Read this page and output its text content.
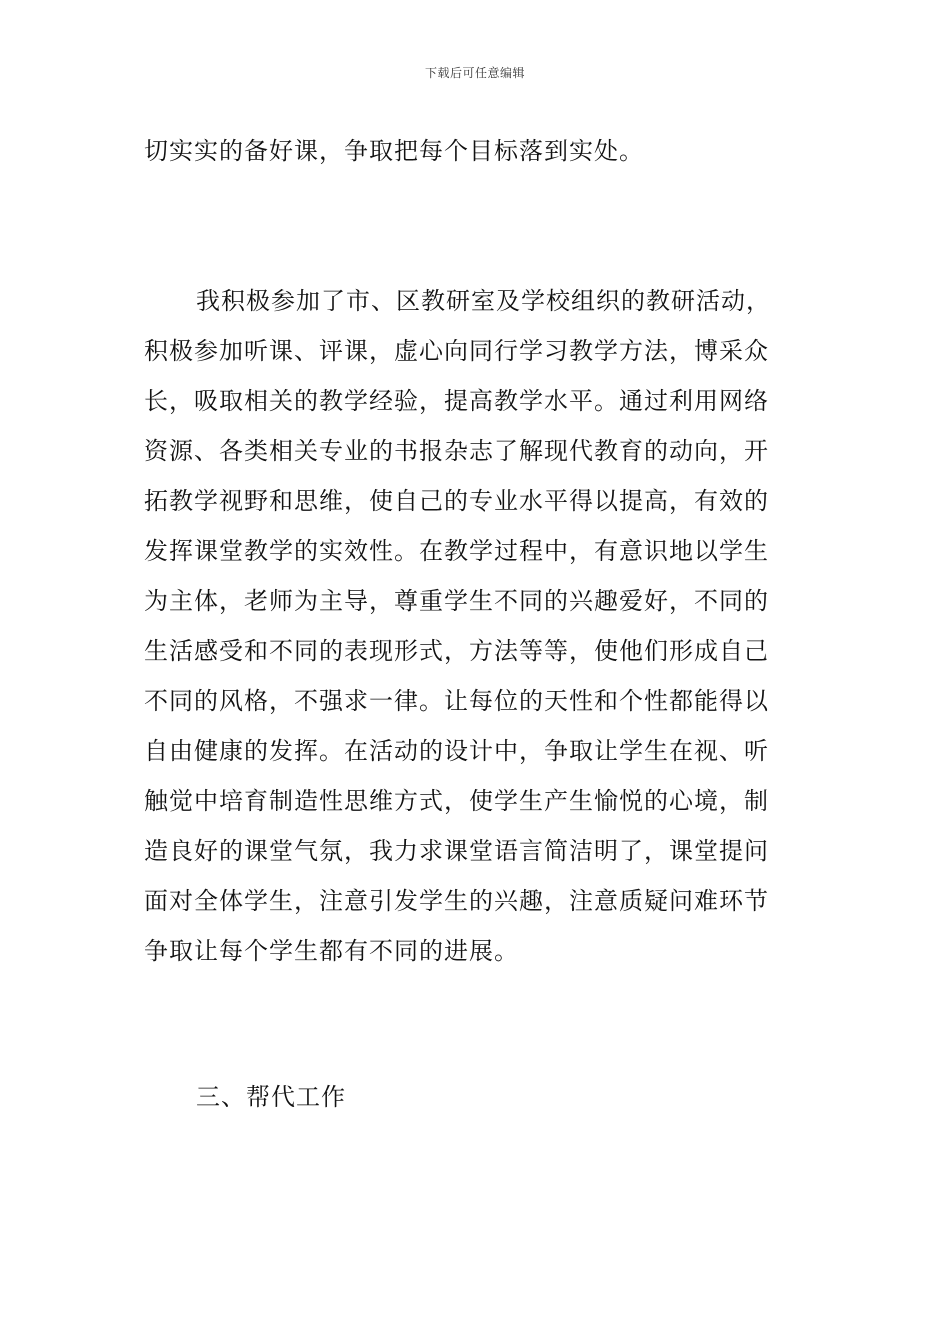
下载后可任意编辑
切实实的备好课，争取把每个目标落到实处。
我积极参加了市、区教研室及学校组织的教研活动，
积极参加听课、评课，虚心向同行学习教学方法，博采众
长，吸取相关的教学经验，提高教学水平。通过利用网络
资源、各类相关专业的书报杂志了解现代教育的动向，开
拓教学视野和思维，使自己的专业水平得以提高，有效的
发挥课堂教学的实效性。在教学过程中，有意识地以学生
为主体，老师为主导，尊重学生不同的兴趣爱好，不同的
生活感受和不同的表现形式，方法等等，使他们形成自己
不同的风格，不强求一律。让每位的天性和个性都能得以
自由健康的发挥。在活动的设计中，争取让学生在视、听
触觉中培育制造性思维方式，使学生产生愉悦的心境，制
造良好的课堂气氛，我力求课堂语言简洁明了，课堂提问
面对全体学生，注意引发学生的兴趣，注意质疑问难环节
争取让每个学生都有不同的进展。
三、帮代工作
